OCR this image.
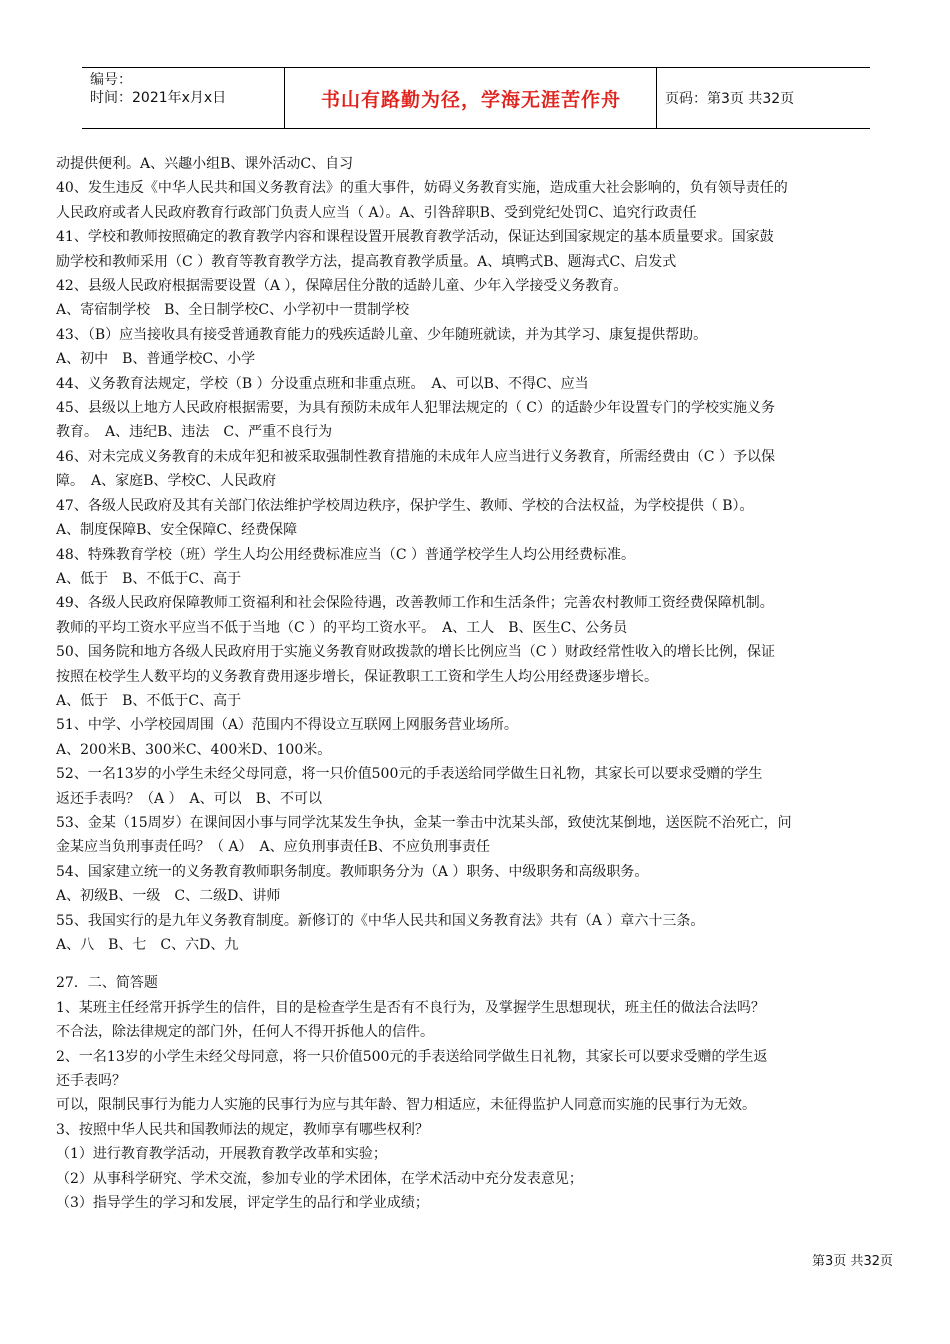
编号：
时间：2021年x月x日	书山有路勤为径，学海无涯苦作舟	页码：第3页 共32页

动提供便利。A、兴趣小组B、课外活动C、自习

40、发生违反《中华人民共和国义务教育法》的重大事件，妨碍义务教育实施，造成重大社会影响的，负有领导责任的

人民政府或者人民政府教育行政部门负责人应当（ A）。A、引咎辞职B、受到党纪处罚C、追究行政责任

41、学校和教师按照确定的教育教学内容和课程设置开展教育教学活动，保证达到国家规定的基本质量要求。国家鼓

励学校和教师采用（C ）教育等教育教学方法，提高教育教学质量。A、填鸭式B、题海式C、启发式

42、县级人民政府根据需要设置（A ），保障居住分散的适龄儿童、少年入学接受义务教育。

A、寄宿制学校　B、全日制学校C、小学初中一贯制学校

43、（B）应当接收具有接受普通教育能力的残疾适龄儿童、少年随班就读，并为其学习、康复提供帮助。

A、初中　B、普通学校C、小学

44、义务教育法规定，学校（B ）分设重点班和非重点班。　A、可以B、不得C、应当

45、县级以上地方人民政府根据需要，为具有预防未成年人犯罪法规定的（ C）的适龄少年设置专门的学校实施义务

教育。　A、违纪B、违法　C、严重不良行为

46、对未完成义务教育的未成年犯和被采取强制性教育措施的未成年人应当进行义务教育，所需经费由（C ）予以保

障。　A、家庭B、学校C、人民政府

47、各级人民政府及其有关部门依法维护学校周边秩序，保护学生、教师、学校的合法权益，为学校提供（ B）。

A、制度保障B、安全保障C、经费保障

48、特殊教育学校（班）学生人均公用经费标准应当（C ）普通学校学生人均公用经费标准。

A、低于　B、不低于C、高于

49、各级人民政府保障教师工资福利和社会保险待遇，改善教师工作和生活条件；完善农村教师工资经费保障机制。

教师的平均工资水平应当不低于当地（C ）的平均工资水平。　A、工人　B、医生C、公务员

50、国务院和地方各级人民政府用于实施义务教育财政拨款的增长比例应当（C ）财政经常性收入的增长比例，保证

按照在校学生人数平均的义务教育费用逐步增长，保证教职工工资和学生人均公用经费逐步增长。

A、低于　B、不低于C、高于

51、中学、小学校园周围（A）范围内不得设立互联网上网服务营业场所。

A、200米B、300米C、400米D、100米。

52、一名13岁的小学生未经父母同意，将一只价值500元的手表送给同学做生日礼物，其家长可以要求受赠的学生

返还手表吗？（A ）　A、可以　B、不可以

53、金某（15周岁）在课间因小事与同学沈某发生争执，金某一拳击中沈某头部，致使沈某倒地，送医院不治死亡，问

金某应当负刑事责任吗？（ A）　A、应负刑事责任B、不应负刑事责任

54、国家建立统一的义务教育教师职务制度。教师职务分为（A ）职务、中级职务和高级职务。

A、初级B、一级　C、二级D、讲师

55、我国实行的是九年义务教育制度。新修订的《中华人民共和国义务教育法》共有（A ）章六十三条。

A、八　B、七　C、六D、九

27．二、简答题

1、某班主任经常开拆学生的信件，目的是检查学生是否有不良行为，及掌握学生思想现状，班主任的做法合法吗？

不合法，除法律规定的部门外，任何人不得开拆他人的信件。

2、一名13岁的小学生未经父母同意，将一只价值500元的手表送给同学做生日礼物，其家长可以要求受赠的学生返

还手表吗？

可以，限制民事行为能力人实施的民事行为应与其年龄、智力相适应，未征得监护人同意而实施的民事行为无效。

3、按照中华人民共和国教师法的规定，教师享有哪些权利？

（1）进行教育教学活动，开展教育教学改革和实验；

（2）从事科学研究、学术交流，参加专业的学术团体，在学术活动中充分发表意见；

（3）指导学生的学习和发展，评定学生的品行和学业成绩；

第3页 共32页
